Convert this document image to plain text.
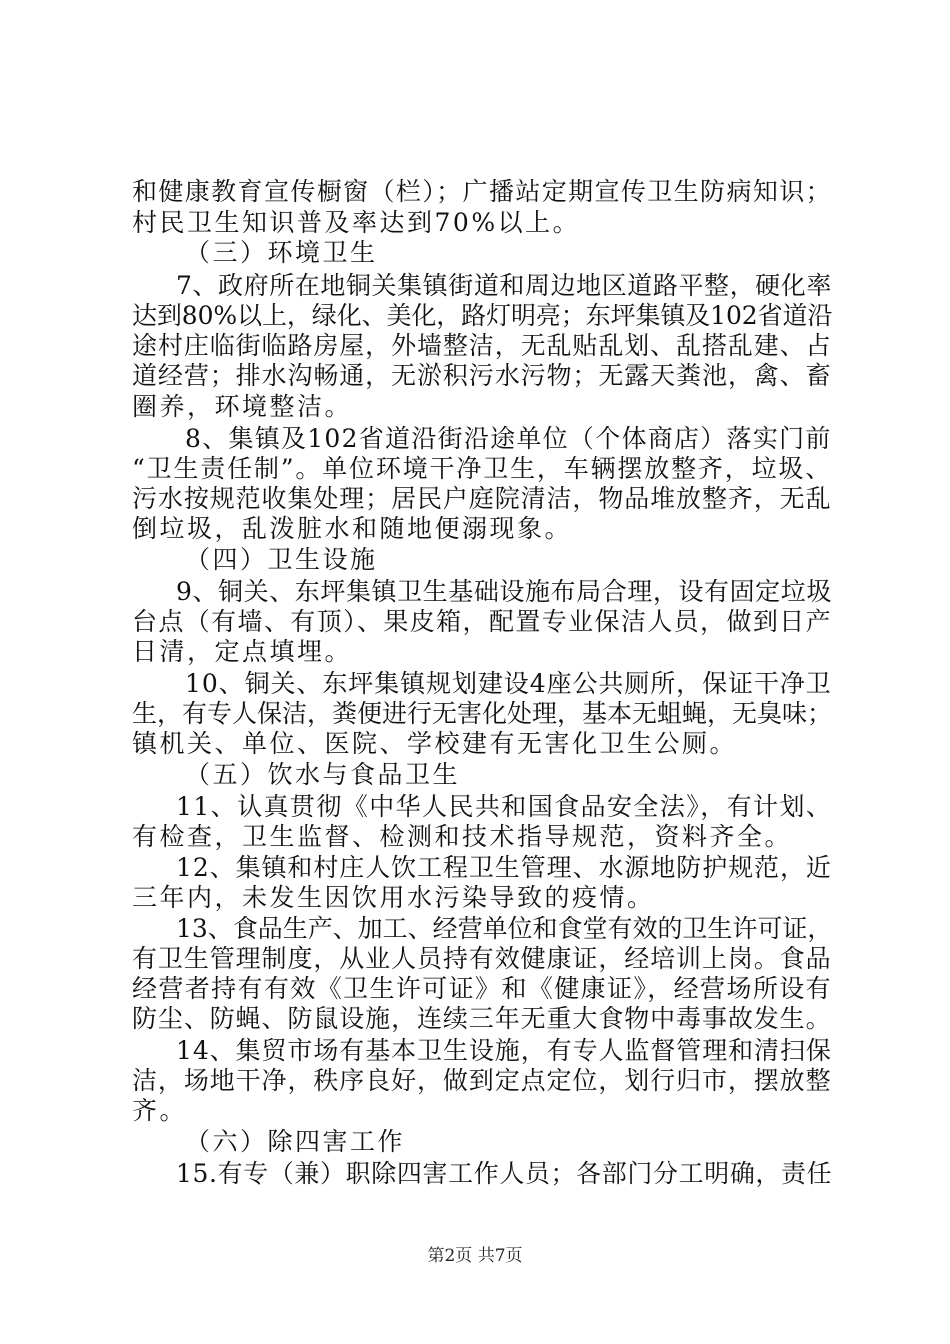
和健康教育宣传橱窗（栏）；广播站定期宣传卫生防病知识；
村民卫生知识普及率达到70%以上。
（三）环境卫生
7、政府所在地铜关集镇街道和周边地区道路平整，硬化率
达到80%以上，绿化、美化，路灯明亮；东坪集镇及102省道沿
途村庄临街临路房屋，外墙整洁，无乱贴乱划、乱搭乱建、占
道经营；排水沟畅通，无淤积污水污物；无露天粪池，禽、畜
圈养，环境整洁。
8、集镇及102省道沿街沿途单位（个体商店）落实门前
“卫生责任制”。单位环境干净卫生，车辆摆放整齐，垃圾、
污水按规范收集处理；居民户庭院清洁，物品堆放整齐，无乱
倒垃圾，乱泼脏水和随地便溺现象。
（四）卫生设施
9、铜关、东坪集镇卫生基础设施布局合理，设有固定垃圾
台点（有墙、有顶）、果皮箱，配置专业保洁人员，做到日产
日清，定点填埋。
10、铜关、东坪集镇规划建设4座公共厕所，保证干净卫
生，有专人保洁，粪便进行无害化处理，基本无蛆蝇，无臭味；
镇机关、单位、医院、学校建有无害化卫生公厕。
（五）饮水与食品卫生
11、认真贯彻《中华人民共和国食品安全法》，有计划、
有检查，卫生监督、检测和技术指导规范，资料齐全。
12、集镇和村庄人饮工程卫生管理、水源地防护规范，近
三年内，未发生因饮用水污染导致的疫情。
13、食品生产、加工、经营单位和食堂有效的卫生许可证，
有卫生管理制度，从业人员持有效健康证，经培训上岗。食品
经营者持有有效《卫生许可证》和《健康证》，经营场所设有
防尘、防蝇、防鼠设施，连续三年无重大食物中毒事故发生。
14、集贸市场有基本卫生设施，有专人监督管理和清扫保
洁，场地干净，秩序良好，做到定点定位，划行归市，摆放整
齐。
（六）除四害工作
15.有专（兼）职除四害工作人员；各部门分工明确，责任
第2页 共7页
